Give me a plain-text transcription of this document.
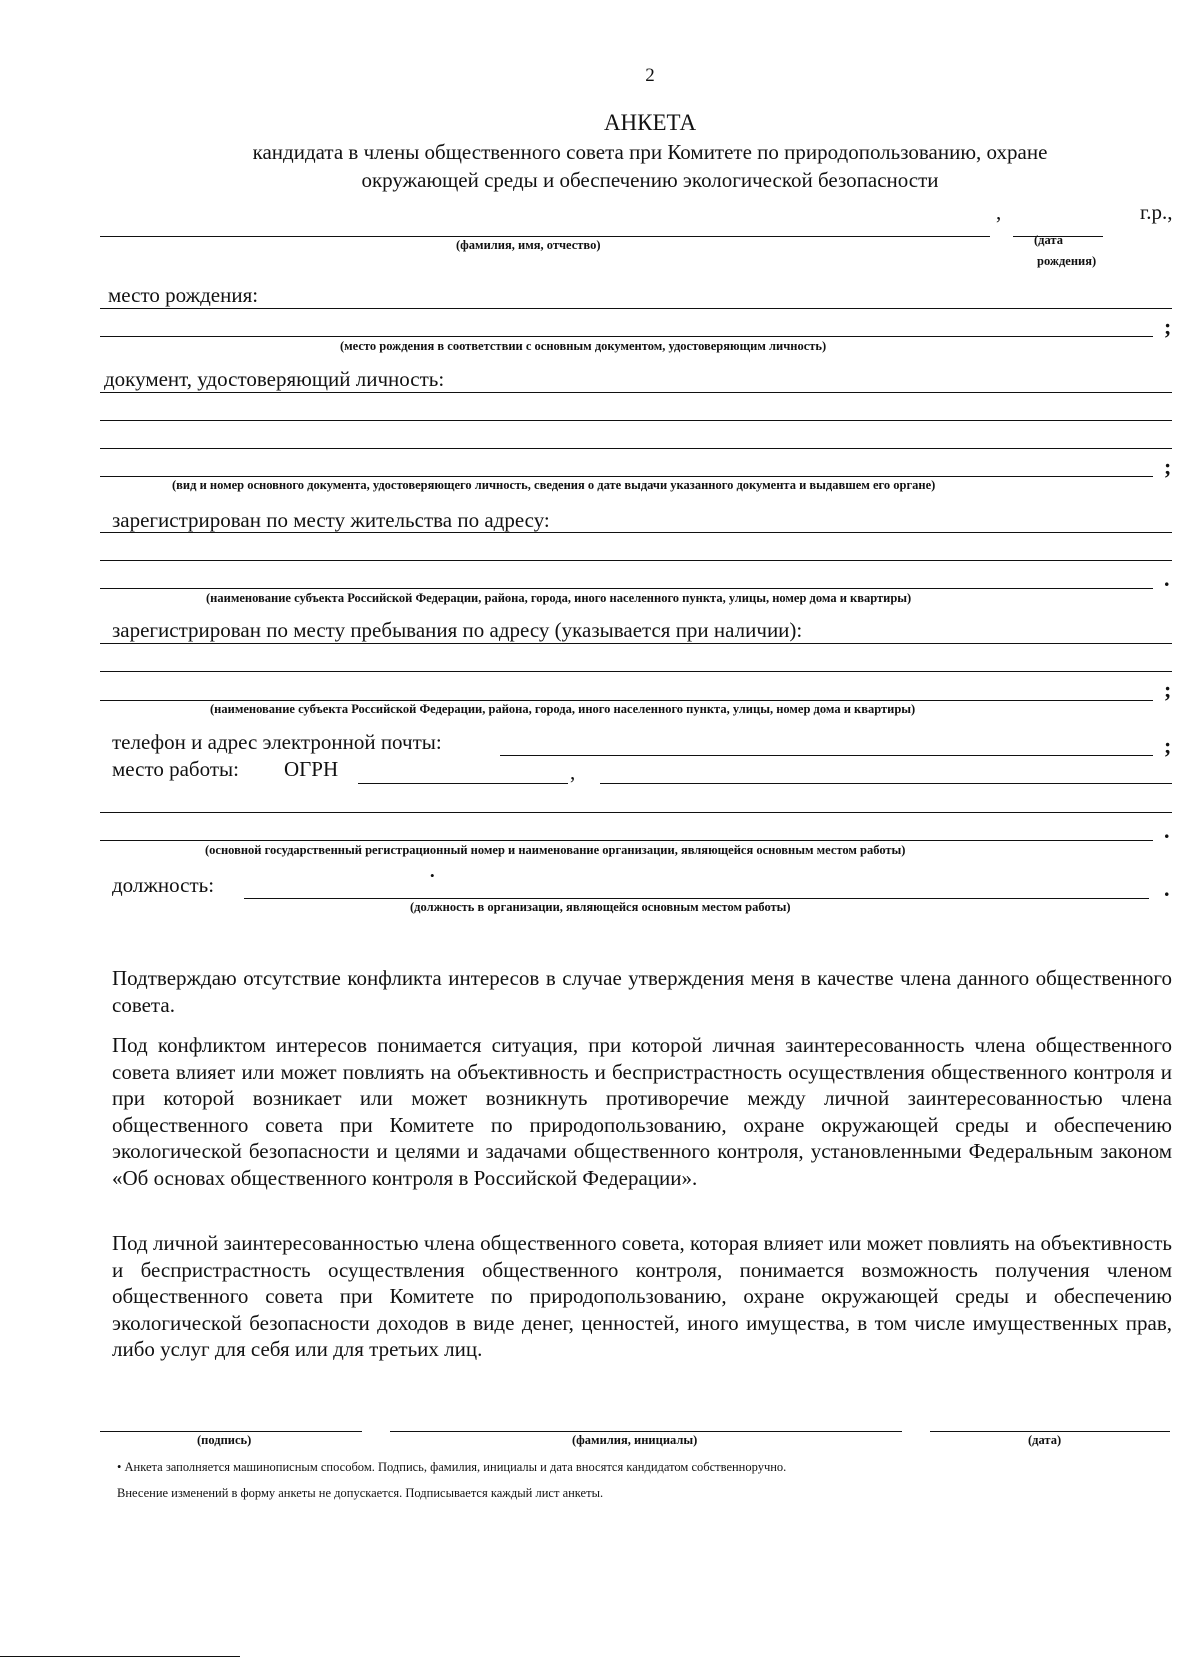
2
АНКЕТА
кандидата в члены общественного совета при Комитете по природопользованию, охране
окружающей среды и обеспечению экологической безопасности
,	г.р.,
(фамилия, имя, отчество)	(дата
рождения)
место рождения:
;
(место рождения в соответствии с основным документом, удостоверяющим личность)
документ, удостоверяющий личность:
;
(вид и номер основного документа, удостоверяющего личность, сведения о дате выдачи указанного документа и выдавшем его органе)
зарегистрирован по месту жительства по адресу:
.
(наименование субъекта Российской Федерации, района, города, иного населенного пункта, улицы, номер дома и квартиры)
зарегистрирован по месту пребывания по адресу (указывается при наличии):
;
(наименование субъекта Российской Федерации, района, города, иного населенного пункта, улицы, номер дома и квартиры)
телефон и адрес электронной почты:	;
место работы: ОГРН	,
.
(основной государственный регистрационный номер и наименование организации, являющейся основным местом работы)
должность:	•
.
(должность в организации, являющейся основным местом работы)

Подтверждаю отсутствие конфликта интересов в случае утверждения меня в качестве члена данного общественного совета.

Под конфликтом интересов понимается ситуация, при которой личная заинтересованность члена общественного совета влияет или может повлиять на объективность и беспристрастность осуществления общественного контроля и при которой возникает или может возникнуть противоречие между личной заинтересованностью члена общественного совета при Комитете по природопользованию, охране окружающей среды и обеспечению экологической безопасности и целями и задачами общественного контроля, установленными Федеральным законом «Об основах общественного контроля в Российской Федерации».

Под личной заинтересованностью члена общественного совета, которая влияет или может повлиять на объективность и беспристрастность осуществления общественного контроля, понимается возможность получения членом общественного совета при Комитете по природопользованию, охране окружающей среды и обеспечению экологической безопасности доходов в виде денег, ценностей, иного имущества, в том числе имущественных прав, либо услуг для себя или для третьих лиц.

(подпись)	(фамилия, инициалы)	(дата)
• Анкета заполняется машинописным способом. Подпись, фамилия, инициалы и дата вносятся кандидатом собственноручно.
Внесение изменений в форму анкеты не допускается. Подписывается каждый лист анкеты.
